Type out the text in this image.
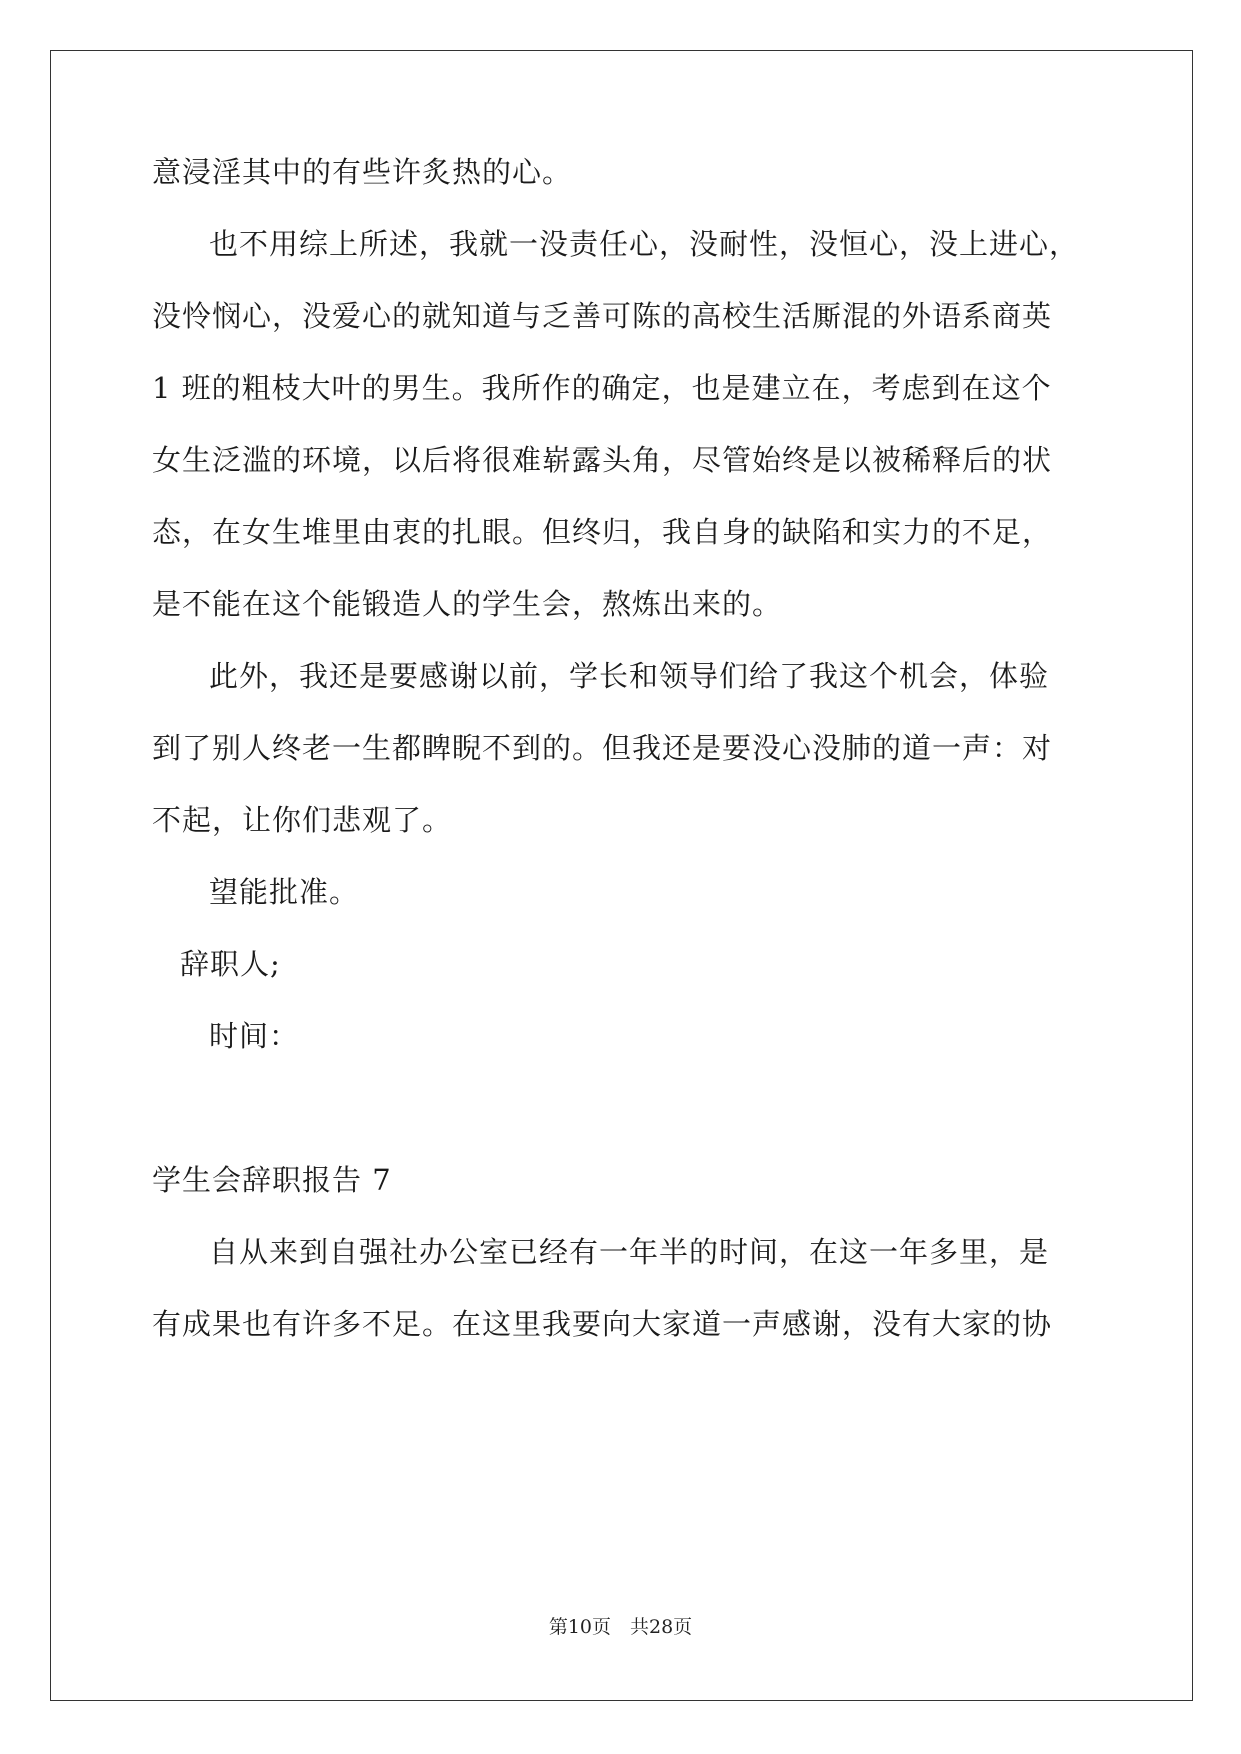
意浸淫其中的有些许炙热的心。
也不用综上所述，我就一没责任心，没耐性，没恒心，没上进心，
没怜悯心，没爱心的就知道与乏善可陈的高校生活厮混的外语系商英
1 班的粗枝大叶的男生。我所作的确定，也是建立在，考虑到在这个
女生泛滥的环境，以后将很难崭露头角，尽管始终是以被稀释后的状
态，在女生堆里由衷的扎眼。但终归，我自身的缺陷和实力的不足，
是不能在这个能锻造人的学生会，熬炼出来的。
此外，我还是要感谢以前，学长和领导们给了我这个机会，体验
到了别人终老一生都睥睨不到的。但我还是要没心没肺的道一声：对
不起，让你们悲观了。
望能批准。
辞职人;
时间：
学生会辞职报告 7
自从来到自强社办公室已经有一年半的时间，在这一年多里，是
有成果也有许多不足。在这里我要向大家道一声感谢，没有大家的协
第10页　共28页
